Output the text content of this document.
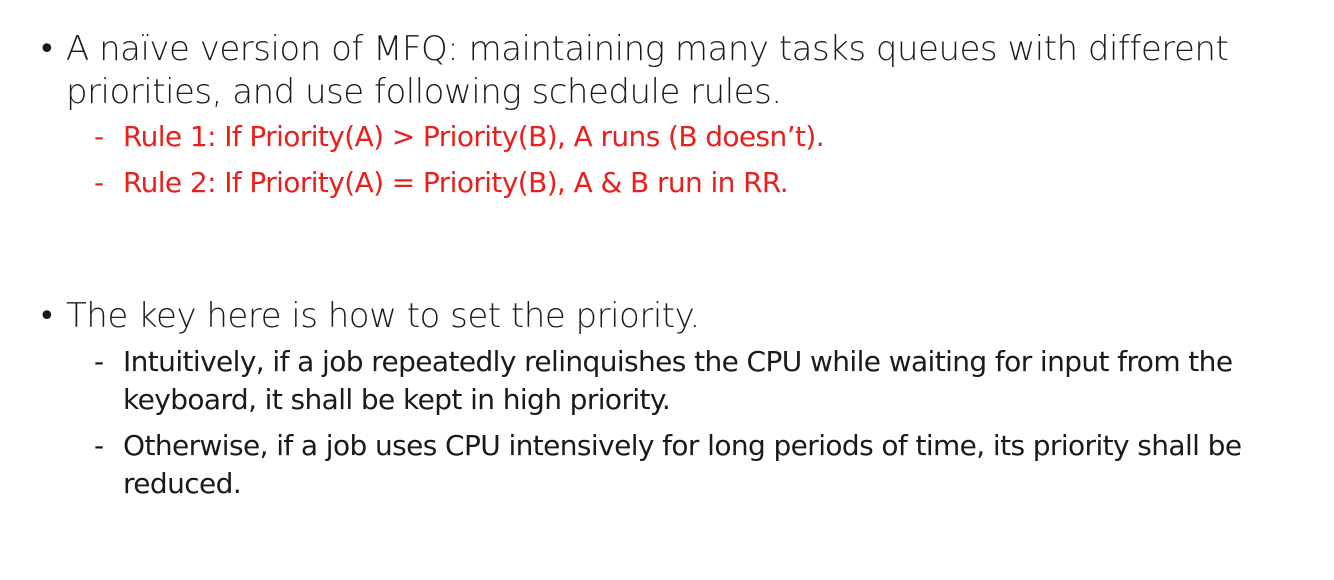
• A naïve version of MFQ: maintaining many tasks queues with different priorities, and use following schedule rules.
- Rule 1: If Priority(A) > Priority(B), A runs (B doesn’t).
- Rule 2: If Priority(A) = Priority(B), A & B run in RR.
• The key here is how to set the priority.
- Intuitively, if a job repeatedly relinquishes the CPU while waiting for input from the keyboard, it shall be kept in high priority.
- Otherwise, if a job uses CPU intensively for long periods of time, its priority shall be reduced.
